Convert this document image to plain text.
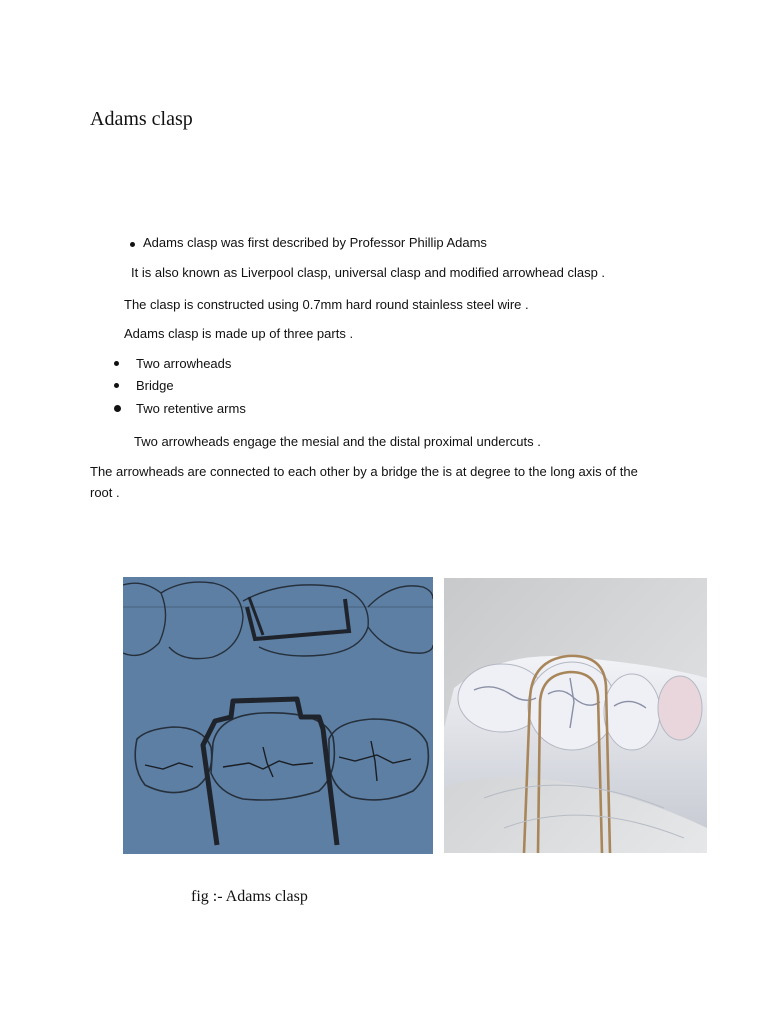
Adams clasp
Adams clasp was first described by Professor Phillip Adams
It is also known as Liverpool clasp, universal clasp and modified arrowhead clasp .
The clasp is constructed using 0.7mm hard round stainless steel wire .
Adams clasp is made up of three parts .
Two arrowheads
Bridge
Two retentive arms
Two arrowheads engage the mesial and the distal proximal undercuts .
The arrowheads are connected to each other by a bridge the is at degree to the long axis of the
root .
fig :- Adams clasp
